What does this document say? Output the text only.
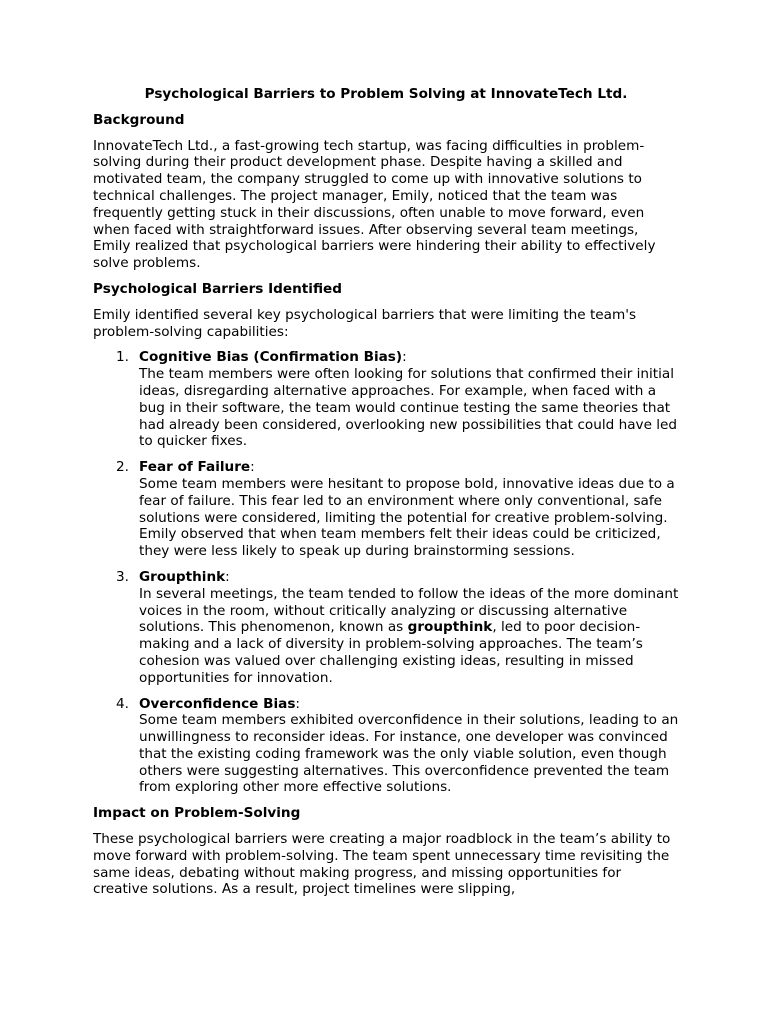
Psychological Barriers to Problem Solving at InnovateTech Ltd.
Background
InnovateTech Ltd., a fast-growing tech startup, was facing difficulties in problem-solving during their product development phase. Despite having a skilled and motivated team, the company struggled to come up with innovative solutions to technical challenges. The project manager, Emily, noticed that the team was frequently getting stuck in their discussions, often unable to move forward, even when faced with straightforward issues. After observing several team meetings, Emily realized that psychological barriers were hindering their ability to effectively solve problems.
Psychological Barriers Identified
Emily identified several key psychological barriers that were limiting the team's problem-solving capabilities:
1. Cognitive Bias (Confirmation Bias):
The team members were often looking for solutions that confirmed their initial ideas, disregarding alternative approaches. For example, when faced with a bug in their software, the team would continue testing the same theories that had already been considered, overlooking new possibilities that could have led to quicker fixes.
2. Fear of Failure:
Some team members were hesitant to propose bold, innovative ideas due to a fear of failure. This fear led to an environment where only conventional, safe solutions were considered, limiting the potential for creative problem-solving. Emily observed that when team members felt their ideas could be criticized, they were less likely to speak up during brainstorming sessions.
3. Groupthink:
In several meetings, the team tended to follow the ideas of the more dominant voices in the room, without critically analyzing or discussing alternative solutions. This phenomenon, known as groupthink, led to poor decision-making and a lack of diversity in problem-solving approaches. The team’s cohesion was valued over challenging existing ideas, resulting in missed opportunities for innovation.
4. Overconfidence Bias:
Some team members exhibited overconfidence in their solutions, leading to an unwillingness to reconsider ideas. For instance, one developer was convinced that the existing coding framework was the only viable solution, even though others were suggesting alternatives. This overconfidence prevented the team from exploring other more effective solutions.
Impact on Problem-Solving
These psychological barriers were creating a major roadblock in the team’s ability to move forward with problem-solving. The team spent unnecessary time revisiting the same ideas, debating without making progress, and missing opportunities for creative solutions. As a result, project timelines were slipping,
